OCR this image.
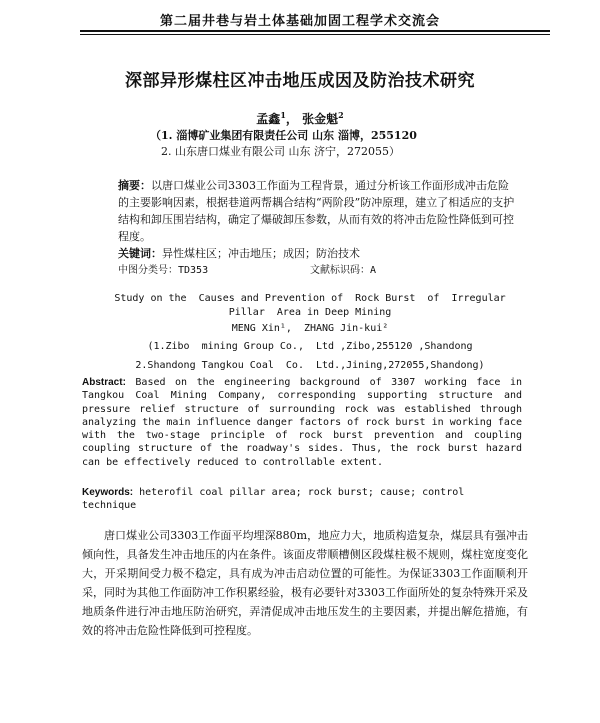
第二届井巷与岩土体基础加固工程学术交流会
深部异形煤柱区冲击地压成因及防治技术研究
孟鑫$^1$， 张金魁$^2$
（1. 淄博矿业集团有限责任公司 山东 淄博，255120
2. 山东唐口煤业有限公司 山东 济宁，272055）
摘要：以唐口煤业公司3303工作面为工程背景，通过分析该工作面形成冲击危险的主要影响因素，根据巷道两帮耦合结构“两阶段”防冲原理，建立了相适应的支护结构和卸压围岩结构，确定了爆破卸压参数，从而有效的将冲击危险性降低到可控程度。
关键词：异性煤柱区；冲击地压；成因；防治技术
中图分类号：TD353	文献标识码：A
Study on the  Causes and Prevention of  Rock Burst  of  Irregular
Pillar  Area in Deep Mining
MENG Xin¹,  ZHANG Jin-kui²
(1.Zibo  mining Group Co.,  Ltd ,Zibo,255120 ,Shandong
2.Shandong Tangkou Coal  Co.  Ltd.,Jining,272055,Shandong)
Abstract: Based on the engineering background of 3307 working face in Tangkou Coal Mining Company, corresponding supporting structure and pressure relief structure of surrounding rock was established through analyzing the main influence danger factors of rock burst in working face with the two-stage principle of rock burst prevention and coupling coupling structure of the roadway's sides. Thus, the rock burst hazard can be effectively reduced to controllable extent.
Keywords: heterofil coal pillar area; rock burst; cause; control technique
唐口煤业公司3303工作面平均埋深880m，地应力大，地质构造复杂，煤层具有强冲击倾向性，具备发生冲击地压的内在条件。该面皮带顺槽侧区段煤柱极不规则，煤柱宽度变化大，开采期间受力极不稳定，具有成为冲击启动位置的可能性。为保证3303工作面顺利开采，同时为其他工作面防冲工作积累经验，极有必要针对3303工作面所处的复杂特殊开采及地质条件进行冲击地压防治研究，弄清促成冲击地压发生的主要因素，并提出解危措施，有效的将冲击危险性降低到可控程度。
